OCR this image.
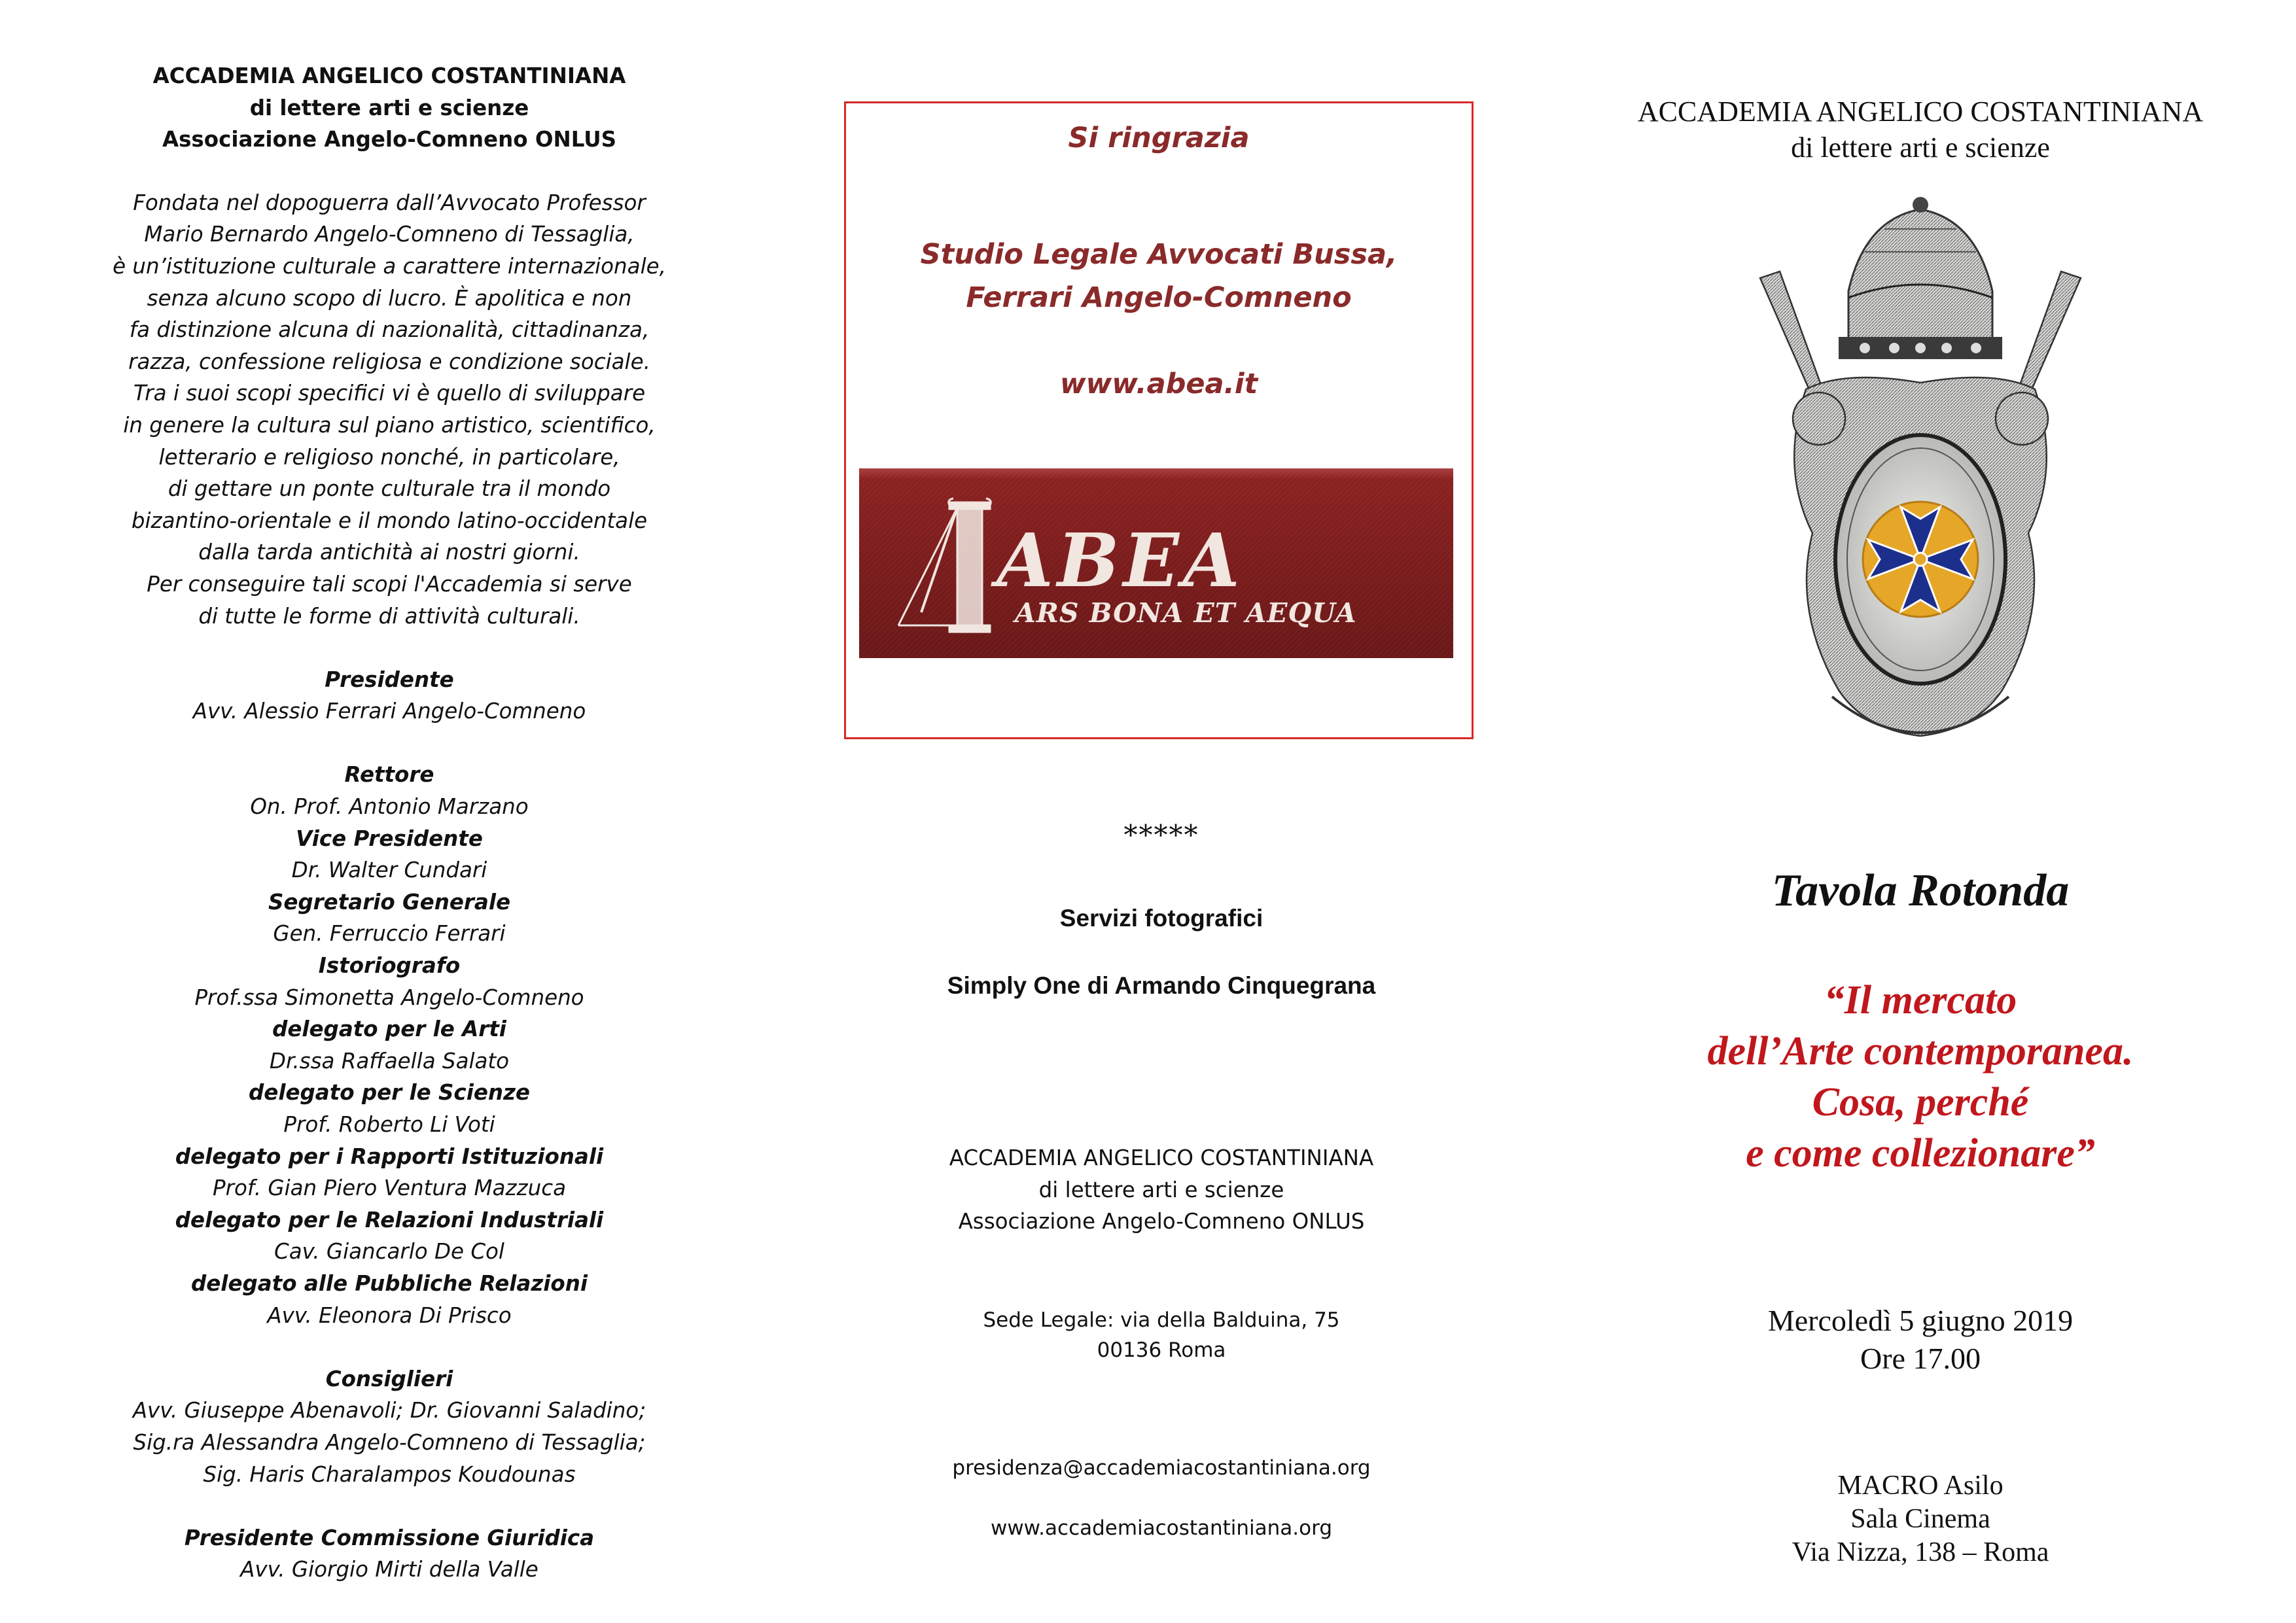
ACCADEMIA ANGELICO COSTANTINIANA
di lettere arti e scienze
Associazione Angelo-Comneno ONLUS
Fondata nel dopoguerra dall’Avvocato Professor
Mario Bernardo Angelo-Comneno di Tessaglia,
è un’istituzione culturale a carattere internazionale,
senza alcuno scopo di lucro. È apolitica e non
fa distinzione alcuna di nazionalità, cittadinanza,
razza, confessione religiosa e condizione sociale.
Tra i suoi scopi specifici vi è quello di sviluppare
in genere la cultura sul piano artistico, scientifico,
letterario e religioso nonché, in particolare,
di gettare un ponte culturale tra il mondo
bizantino-orientale e il mondo latino-occidentale
dalla tarda antichità ai nostri giorni.
Per conseguire tali scopi l'Accademia si serve
di tutte le forme di attività culturali.
Presidente
Avv. Alessio Ferrari Angelo-Comneno
Rettore
On. Prof. Antonio Marzano
Vice Presidente
Dr. Walter Cundari
Segretario Generale
Gen. Ferruccio Ferrari
Istoriografo
Prof.ssa Simonetta Angelo-Comneno
delegato per le Arti
Dr.ssa Raffaella Salato
delegato per le Scienze
Prof. Roberto Li Voti
delegato per i Rapporti Istituzionali
Prof. Gian Piero Ventura Mazzuca
delegato per le Relazioni Industriali
Cav. Giancarlo De Col
delegato alle Pubbliche Relazioni
Avv. Eleonora Di Prisco
Consiglieri
Avv. Giuseppe Abenavoli; Dr. Giovanni Saladino;
Sig.ra Alessandra Angelo-Comneno di Tessaglia;
Sig. Haris Charalampos Koudounas
Presidente Commissione Giuridica
Avv. Giorgio Mirti della Valle
Si ringrazia
Studio Legale Avvocati Bussa,
Ferrari Angelo-Comneno
www.abea.it
ABEA
ARS BONA ET AEQUA
*****
Servizi fotografici
Simply One di Armando Cinquegrana
ACCADEMIA ANGELICO COSTANTINIANA
di lettere arti e scienze
Associazione Angelo-Comneno ONLUS
Sede Legale: via della Balduina, 75
00136 Roma
presidenza@accademiacostantiniana.org
www.accademiacostantiniana.org
ACCADEMIA ANGELICO COSTANTINIANA
di lettere arti e scienze
Tavola Rotonda
“Il mercato
dell’Arte contemporanea.
Cosa, perché
e come collezionare”
Mercoledì 5 giugno 2019
Ore 17.00
MACRO Asilo
Sala Cinema
Via Nizza, 138 – Roma
